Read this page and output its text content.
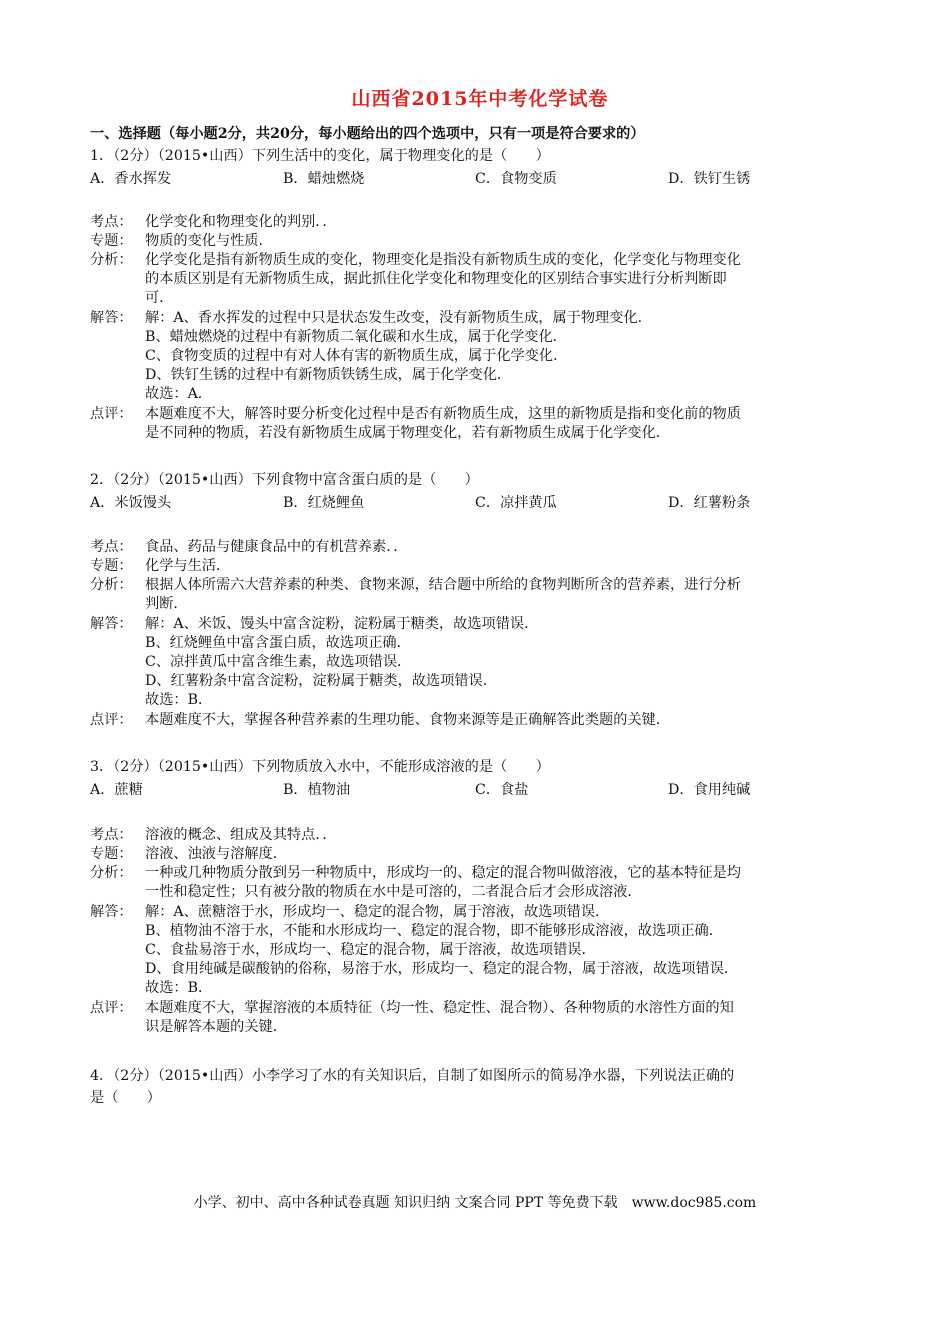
山西省2015年中考化学试卷
一、选择题（每小题2分，共20分，每小题给出的四个选项中，只有一项是符合要求的）
1．（2分）（2015•山西）下列生活中的变化，属于物理变化的是（　　）
A．香水挥发	B．蜡烛燃烧	C．食物变质	D．铁钉生锈
考点： 化学变化和物理变化的判别．．
专题： 物质的变化与性质．
分析： 化学变化是指有新物质生成的变化，物理变化是指没有新物质生成的变化，化学变化与物理变化
的本质区别是有无新物质生成，据此抓住化学变化和物理变化的区别结合事实进行分析判断即
可．
解答： 解：A、香水挥发的过程中只是状态发生改变，没有新物质生成，属于物理变化．
B、蜡烛燃烧的过程中有新物质二氧化碳和水生成，属于化学变化．
C、食物变质的过程中有对人体有害的新物质生成，属于化学变化．
D、铁钉生锈的过程中有新物质铁锈生成，属于化学变化．
故选：A．
点评： 本题难度不大，解答时要分析变化过程中是否有新物质生成，这里的新物质是指和变化前的物质
是不同种的物质，若没有新物质生成属于物理变化，若有新物质生成属于化学变化．
2．（2分）（2015•山西）下列食物中富含蛋白质的是（　　）
A．米饭馒头	B．红烧鲤鱼	C．凉拌黄瓜	D．红薯粉条
考点： 食品、药品与健康食品中的有机营养素．．
专题： 化学与生活．
分析： 根据人体所需六大营养素的种类、食物来源，结合题中所给的食物判断所含的营养素，进行分析
判断．
解答： 解：A、米饭、馒头中富含淀粉，淀粉属于糖类，故选项错误．
B、红烧鲤鱼中富含蛋白质，故选项正确．
C、凉拌黄瓜中富含维生素，故选项错误．
D、红薯粉条中富含淀粉，淀粉属于糖类，故选项错误．
故选：B．
点评： 本题难度不大，掌握各种营养素的生理功能、食物来源等是正确解答此类题的关键．
3．（2分）（2015•山西）下列物质放入水中，不能形成溶液的是（　　）
A．蔗糖	B．植物油	C．食盐	D．食用纯碱
考点： 溶液的概念、组成及其特点．．
专题： 溶液、浊液与溶解度．
分析： 一种或几种物质分散到另一种物质中，形成均一的、稳定的混合物叫做溶液，它的基本特征是均
一性和稳定性；只有被分散的物质在水中是可溶的，二者混合后才会形成溶液．
解答： 解：A、蔗糖溶于水，形成均一、稳定的混合物，属于溶液，故选项错误．
B、植物油不溶于水，不能和水形成均一、稳定的混合物，即不能够形成溶液，故选项正确．
C、食盐易溶于水，形成均一、稳定的混合物，属于溶液，故选项错误．
D、食用纯碱是碳酸钠的俗称，易溶于水，形成均一、稳定的混合物，属于溶液，故选项错误．
故选：B．
点评： 本题难度不大，掌握溶液的本质特征（均一性、稳定性、混合物）、各种物质的水溶性方面的知
识是解答本题的关键．
4．（2分）（2015•山西）小李学习了水的有关知识后，自制了如图所示的简易净水器，下列说法正确的
是（　　）
小学、初中、高中各种试卷真题 知识归纳 文案合同 PPT 等免费下载　www.doc985.com
